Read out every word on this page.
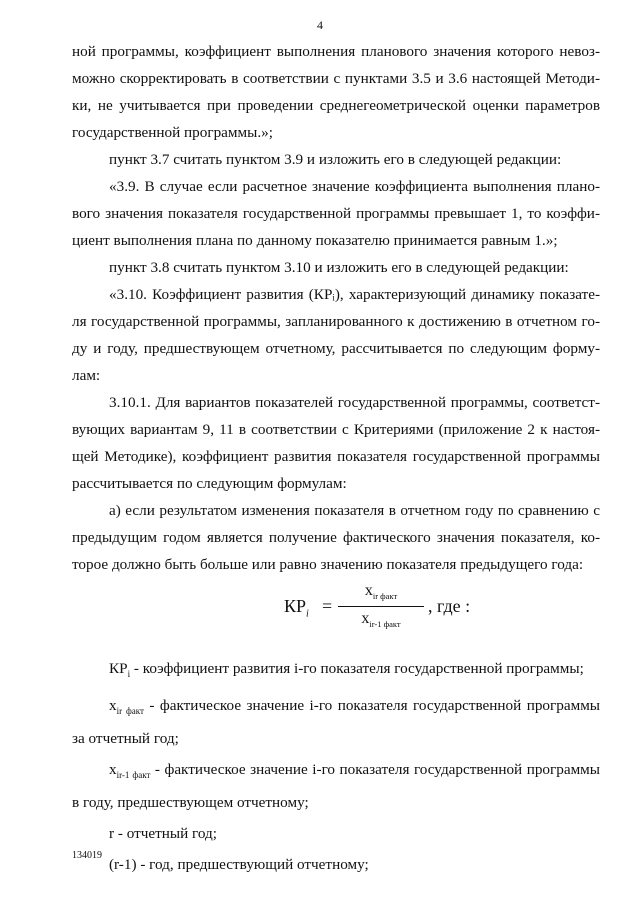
4

ной программы, коэффициент выполнения планового значения которого невозможно скорректировать в соответствии с пунктами 3.5 и 3.6 настоящей Методики, не учитывается при проведении среднегеометрической оценки параметров государственной программы.»;

пункт 3.7 считать пунктом 3.9 и изложить его в следующей редакции:

«3.9. В случае если расчетное значение коэффициента выполнения планового значения показателя государственной программы превышает 1, то коэффициент выполнения плана по данному показателю принимается равным 1.»;

пункт 3.8 считать пунктом 3.10 и изложить его в следующей редакции:

«3.10. Коэффициент развития (КРᵢ), характеризующий динамику показателя государственной программы, запланированного к достижению в отчетном году и году, предшествующем отчетному, рассчитывается по следующим формулам:

3.10.1. Для вариантов показателей государственной программы, соответствующих вариантам 9, 11 в соответствии с Критериями (приложение 2 к настоящей Методике), коэффициент развития показателя государственной программы рассчитывается по следующим формулам:

а) если результатом изменения показателя в отчетном году по сравнению с предыдущим годом является получение фактического значения показателя, которое должно быть больше или равно значению показателя предыдущего года:

$КР_i$ =
$x_{ir факт}$
$x_{ir-1 факт}$
, где :

$КР_i$ - коэффициент развития i-го показателя государственной программы;

$x_{ir факт}$ - фактическое значение i-го показателя государственной программы за отчетный год;

$x_{ir-1 факт}$ - фактическое значение i-го показателя государственной программы в году, предшествующем отчетному;

r - отчетный год;

(r-1) - год, предшествующий отчетному;

134019
